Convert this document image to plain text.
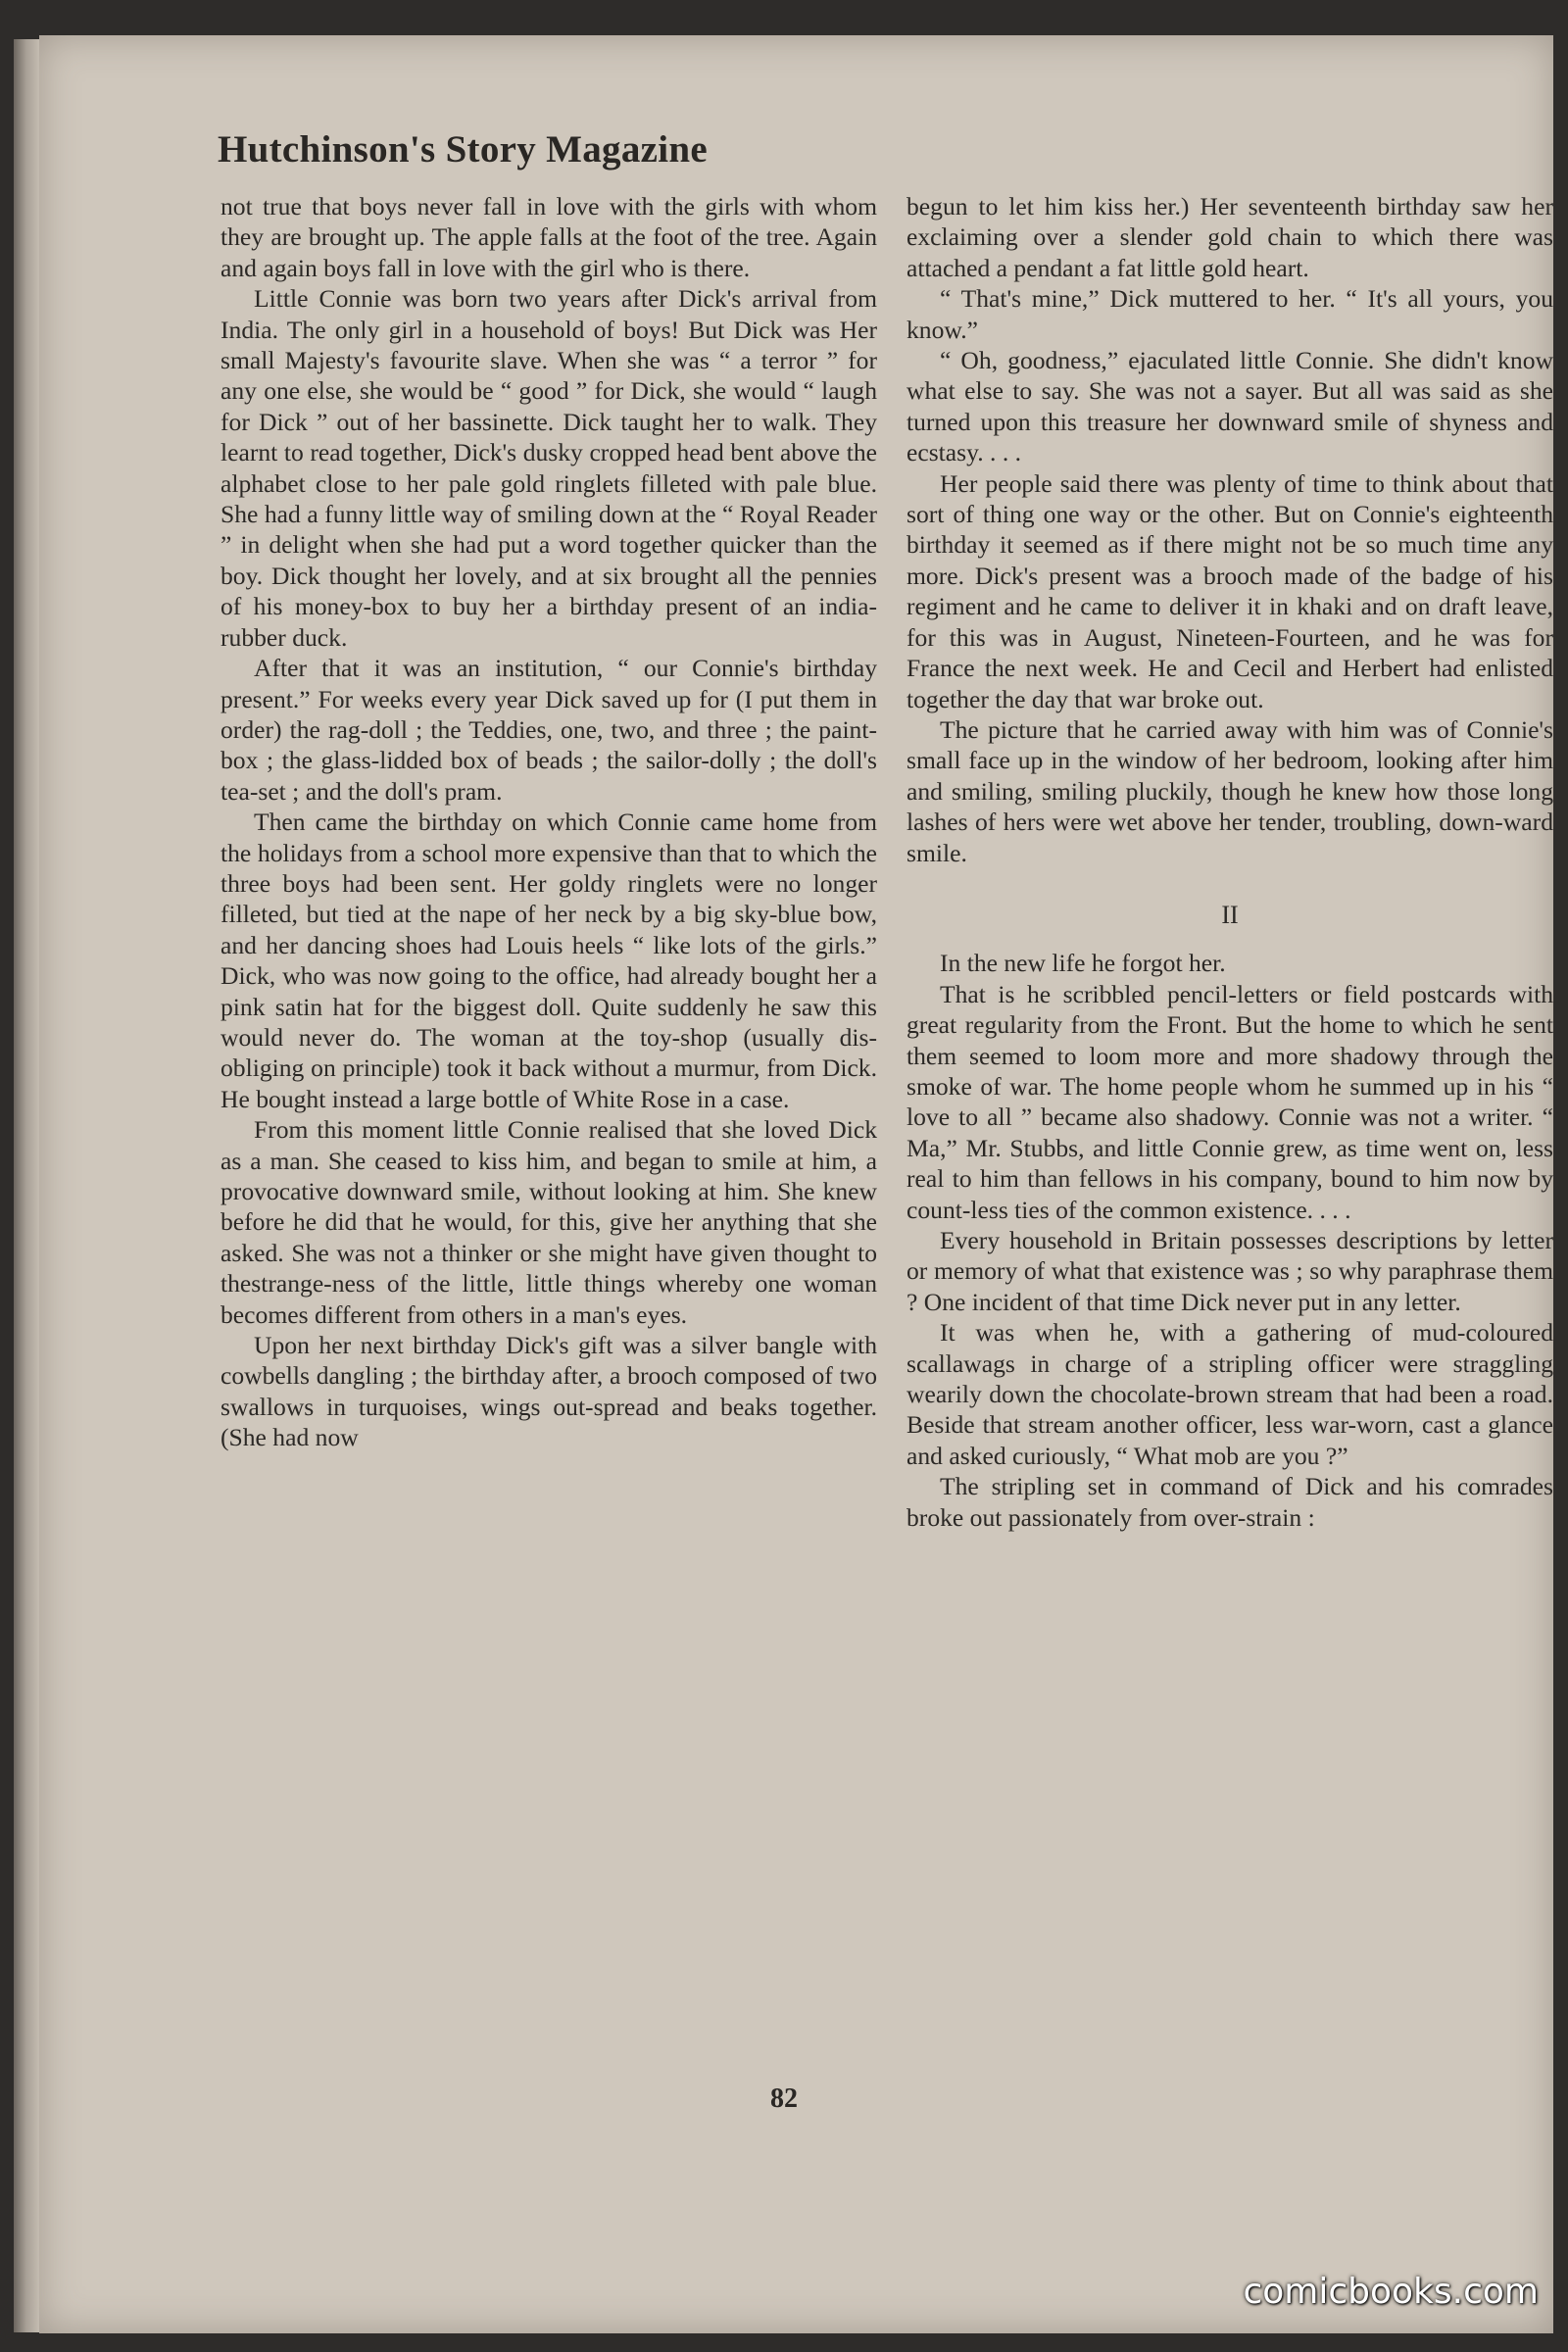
Hutchinson's Story Magazine

not true that boys never fall in love with the girls with whom they are brought up. The apple falls at the foot of the tree. Again and again boys fall in love with the girl who is there.

Little Connie was born two years after Dick's arrival from India. The only girl in a household of boys! But Dick was Her small Majesty's favourite slave. When she was “ a terror ” for any one else, she would be “ good ” for Dick, she would “ laugh for Dick ” out of her bassinette. Dick taught her to walk. They learnt to read together, Dick's dusky cropped head bent above the alphabet close to her pale gold ringlets filleted with pale blue. She had a funny little way of smiling down at the “ Royal Reader ” in delight when she had put a word together quicker than the boy. Dick thought her lovely, and at six brought all the pennies of his money-box to buy her a birthday present of an india-rubber duck.

After that it was an institution, “ our Connie's birthday present.” For weeks every year Dick saved up for (I put them in order) the rag-doll ; the Teddies, one, two, and three ; the paint-box ; the glass-lidded box of beads ; the sailor-dolly ; the doll's tea-set ; and the doll's pram.

Then came the birthday on which Connie came home from the holidays from a school more expensive than that to which the three boys had been sent. Her goldy ringlets were no longer filleted, but tied at the nape of her neck by a big sky-blue bow, and her dancing shoes had Louis heels “ like lots of the girls.” Dick, who was now going to the office, had already bought her a pink satin hat for the biggest doll. Quite suddenly he saw this would never do. The woman at the toy-shop (usually dis-obliging on principle) took it back without a murmur, from Dick. He bought instead a large bottle of White Rose in a case.

From this moment little Connie realised that she loved Dick as a man. She ceased to kiss him, and began to smile at him, a provocative downward smile, without looking at him. She knew before he did that he would, for this, give her anything that she asked. She was not a thinker or she might have given thought to thestrange-ness of the little, little things whereby one woman becomes different from others in a man's eyes.

Upon her next birthday Dick's gift was a silver bangle with cowbells dangling ; the birthday after, a brooch composed of two swallows in turquoises, wings out-spread and beaks together. (She had now

begun to let him kiss her.) Her seventeenth birthday saw her exclaiming over a slender gold chain to which there was attached a pendant a fat little gold heart.

“ That's mine,” Dick muttered to her. “ It's all yours, you know.”

“ Oh, goodness,” ejaculated little Connie. She didn't know what else to say. She was not a sayer. But all was said as she turned upon this treasure her downward smile of shyness and ecstasy. . . .

Her people said there was plenty of time to think about that sort of thing one way or the other. But on Connie's eighteenth birthday it seemed as if there might not be so much time any more. Dick's present was a brooch made of the badge of his regiment and he came to deliver it in khaki and on draft leave, for this was in August, Nineteen-Fourteen, and he was for France the next week. He and Cecil and Herbert had enlisted together the day that war broke out.

The picture that he carried away with him was of Connie's small face up in the window of her bedroom, looking after him and smiling, smiling pluckily, though he knew how those long lashes of hers were wet above her tender, troubling, down-ward smile.

II

In the new life he forgot her.

That is he scribbled pencil-letters or field postcards with great regularity from the Front. But the home to which he sent them seemed to loom more and more shadowy through the smoke of war. The home people whom he summed up in his “ love to all ” became also shadowy. Connie was not a writer. “ Ma,” Mr. Stubbs, and little Connie grew, as time went on, less real to him than fellows in his company, bound to him now by count-less ties of the common existence. . . .

Every household in Britain possesses descriptions by letter or memory of what that existence was ; so why paraphrase them ? One incident of that time Dick never put in any letter.

It was when he, with a gathering of mud-coloured scallawags in charge of a stripling officer were straggling wearily down the chocolate-brown stream that had been a road. Beside that stream another officer, less war-worn, cast a glance and asked curiously, “ What mob are you ?”

The stripling set in command of Dick and his comrades broke out passionately from over-strain :

82
comicbooks.com
